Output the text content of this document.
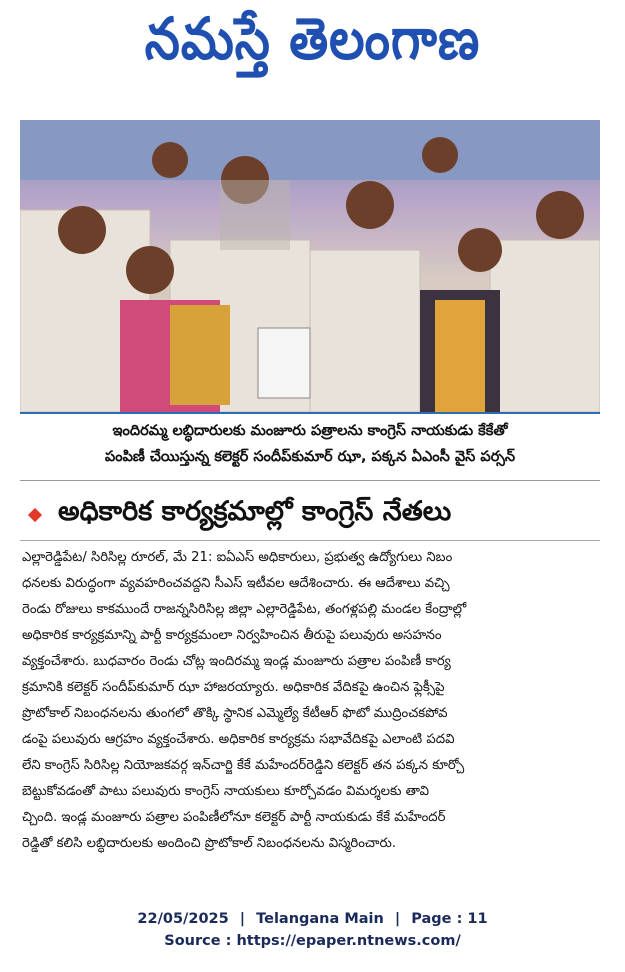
నమస్తే తెలంగాణ
ఇందిరమ్మ లబ్ధిదారులకు మంజూరు పత్రాలను కాంగ్రెస్ నాయకుడు కేకేతో
పంపిణీ చేయిస్తున్న కలెక్టర్ సందీప్‌కుమార్ ఝా, పక్కన ఏఎంసీ వైస్ పర్సన్
అధికారిక కార్యక్రమాల్లో కాంగ్రెస్ నేతలు
ఎల్లారెడ్డిపేట/ సిరిసిల్ల రూరల్, మే 21: ఐఏఎస్ అధికారులు, ప్రభుత్వ ఉద్యోగులు నిబం
ధనలకు విరుద్ధంగా వ్యవహరించవద్దని సీఎస్ ఇటీవల ఆదేశించారు. ఈ ఆదేశాలు వచ్చి
రెండు రోజులు కాకముందే రాజన్నసిరిసిల్ల జిల్లా ఎల్లారెడ్డిపేట, తంగళ్లపల్లి మండల కేంద్రాల్లో
అధికారిక కార్యక్రమాన్ని పార్టీ కార్యక్రమంలా నిర్వహించిన తీరుపై పలువురు అసహనం
వ్యక్తంచేశారు. బుధవారం రెండు చోట్ల ఇందిరమ్మ ఇండ్ల మంజూరు పత్రాల పంపిణీ కార్య
క్రమానికి కలెక్టర్ సందీప్‌కుమార్ ఝా హాజరయ్యారు. అధికారిక వేదికపై ఉంచిన ఫ్లెక్సీపై
ప్రొటోకాల్ నిబంధనలను తుంగలో తొక్కి స్థానిక ఎమ్మెల్యే కేటీఆర్ ఫొటో ముద్రించకపోవ
డంపై పలువురు ఆగ్రహం వ్యక్తంచేశారు. అధికారిక కార్యక్రమ సభావేదికపై ఎలాంటి పదవి
లేని కాంగ్రెస్ సిరిసిల్ల నియోజకవర్గ ఇన్‌చార్జి కేకే మహేందర్‌రెడ్డిని కలెక్టర్ తన పక్కన కూర్చో
బెట్టుకోవడంతో పాటు పలువురు కాంగ్రెస్ నాయకులు కూర్చోవడం విమర్శలకు తావి
చ్చింది. ఇండ్ల మంజూరు పత్రాల పంపిణీలోనూ కలెక్టర్ పార్టీ నాయకుడు కేకే మహేందర్
రెడ్డితో కలిసి లబ్ధిదారులకు అందించి ప్రొటోకాల్ నిబంధనలను విస్మరించారు.
22/05/2025 | Telangana Main | Page : 11
Source : https://epaper.ntnews.com/
